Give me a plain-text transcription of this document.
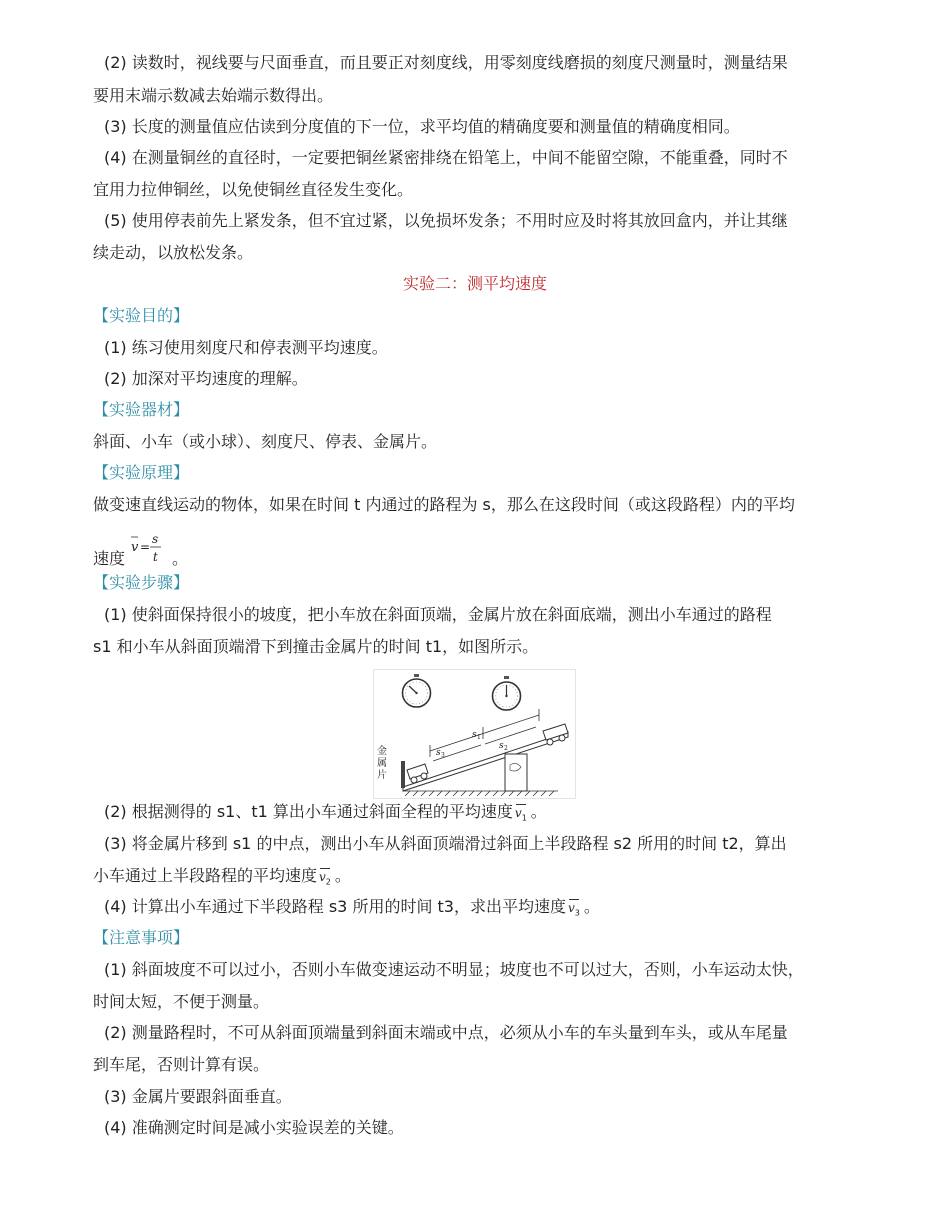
(2) 读数时，视线要与尺面垂直，而且要正对刻度线，用零刻度线磨损的刻度尺测量时，测量结果
要用末端示数减去始端示数得出。
(3) 长度的测量值应估读到分度值的下一位，求平均值的精确度要和测量值的精确度相同。
(4) 在测量铜丝的直径时，一定要把铜丝紧密排绕在铅笔上，中间不能留空隙，不能重叠，同时不
宜用力拉伸铜丝，以免使铜丝直径发生变化。
(5) 使用停表前先上紧发条，但不宜过紧，以免损坏发条；不用时应及时将其放回盒内，并让其继
续走动，以放松发条。
实验二：测平均速度
【实验目的】
(1) 练习使用刻度尺和停表测平均速度。
(2) 加深对平均速度的理解。
【实验器材】
斜面、小车（或小球）、刻度尺、停表、金属片。
【实验原理】
做变速直线运动的物体，如果在时间 t 内通过的路程为 s，那么在这段时间（或这段路程）内的平均
速度
v =
s
t 。
【实验步骤】
(1) 使斜面保持很小的坡度，把小车放在斜面顶端，金属片放在斜面底端，测出小车通过的路程
s1 和小车从斜面顶端滑下到撞击金属片的时间 t1，如图所示。
金
属
片
s 1
s 2
s 3
(2) 根据测得的 s1、t1 算出小车通过斜面全程的平均速度 $v_1$ 。
(3) 将金属片移到 s1 的中点，测出小车从斜面顶端滑过斜面上半段路程 s2 所用的时间 t2，算出
小车通过上半段路程的平均速度 $v_2$ 。
(4) 计算出小车通过下半段路程 s3 所用的时间 t3，求出平均速度 $v_3$ 。
【注意事项】
(1) 斜面坡度不可以过小，否则小车做变速运动不明显；坡度也不可以过大，否则，小车运动太快，
时间太短，不便于测量。
(2) 测量路程时，不可从斜面顶端量到斜面末端或中点，必须从小车的车头量到车头，或从车尾量
到车尾，否则计算有误。
(3) 金属片要跟斜面垂直。
(4) 准确测定时间是减小实验误差的关键。
